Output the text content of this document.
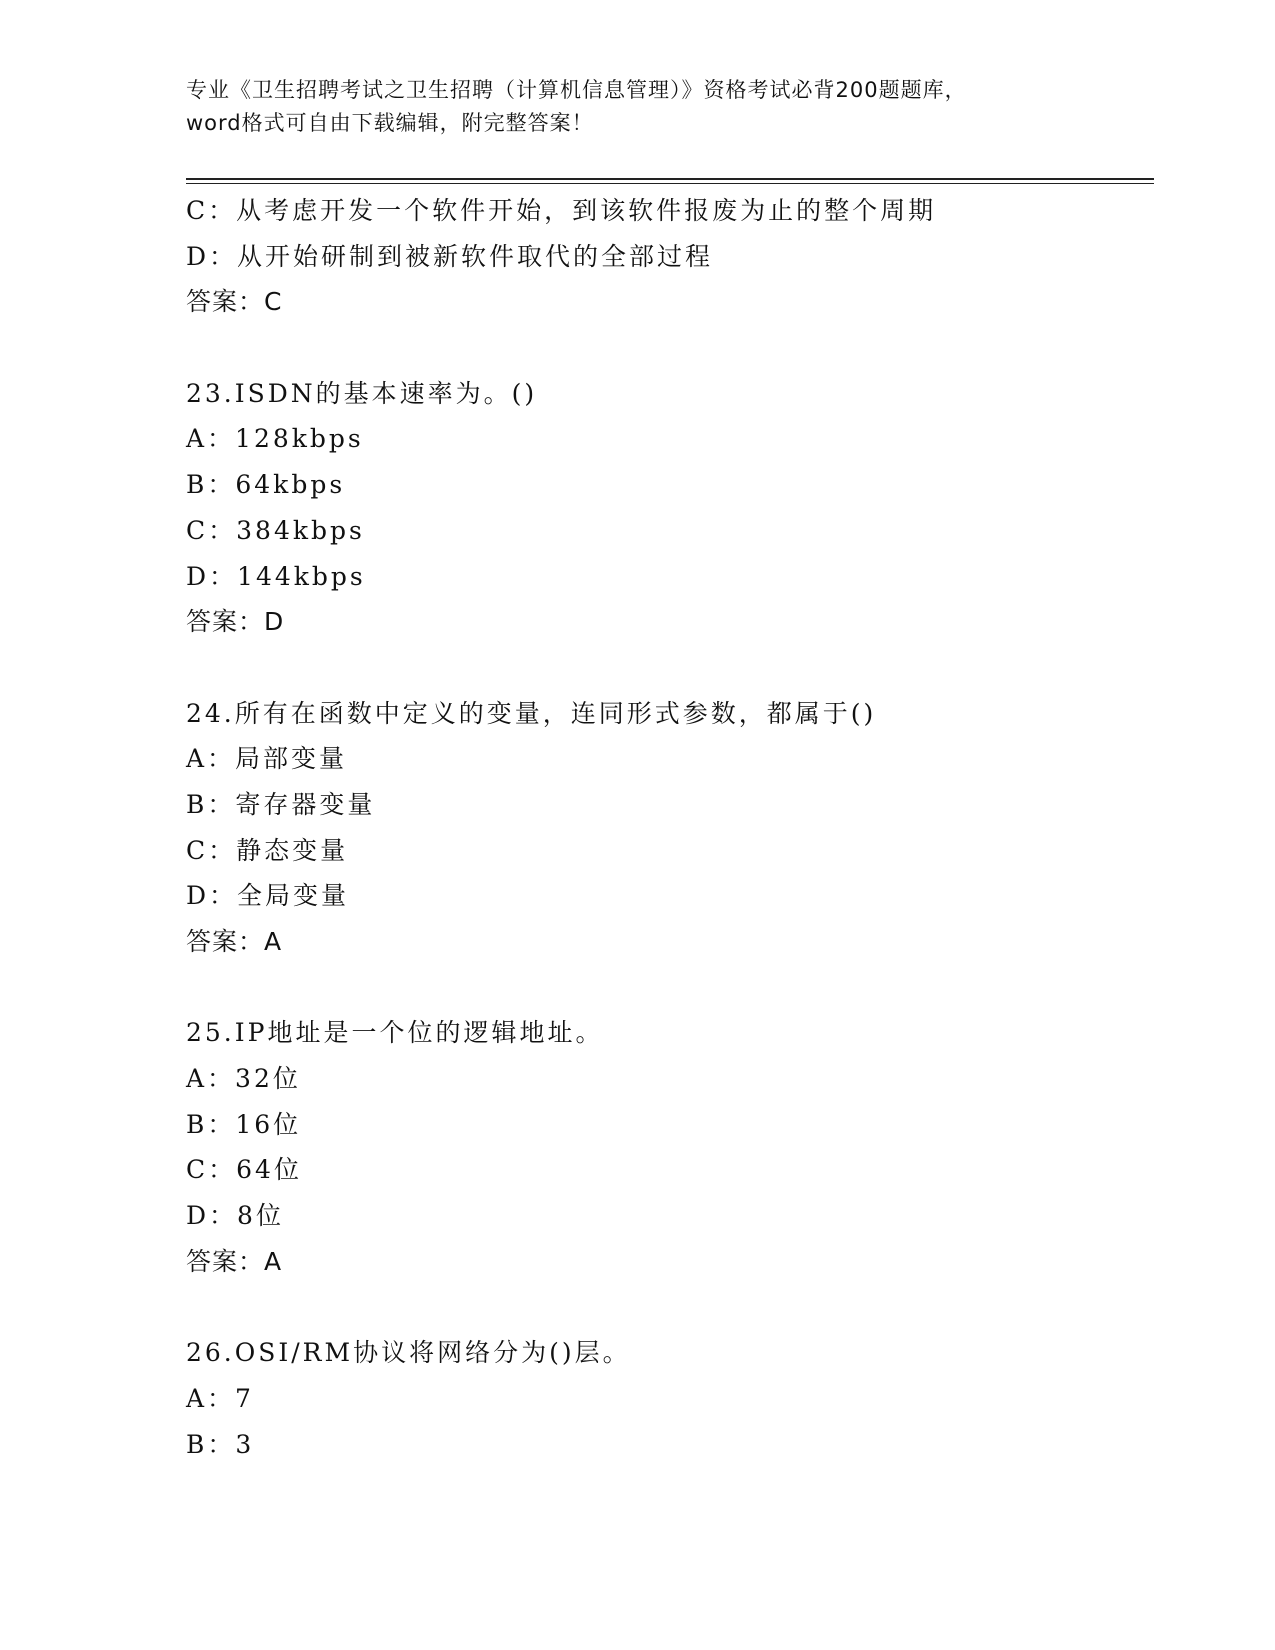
专业《卫生招聘考试之卫生招聘（计算机信息管理）》资格考试必背200题题库，
word格式可自由下载编辑，附完整答案！
C：从考虑开发一个软件开始，到该软件报废为止的整个周期
D：从开始研制到被新软件取代的全部过程
答案：C
23.ISDN的基本速率为。()
A：128kbps
B：64kbps
C：384kbps
D：144kbps
答案：D
24.所有在函数中定义的变量，连同形式参数，都属于()
A：局部变量
B：寄存器变量
C：静态变量
D：全局变量
答案：A
25.IP地址是一个位的逻辑地址。
A：32位
B：16位
C：64位
D：8位
答案：A
26.OSI/RM协议将网络分为()层。
A：7
B：3
